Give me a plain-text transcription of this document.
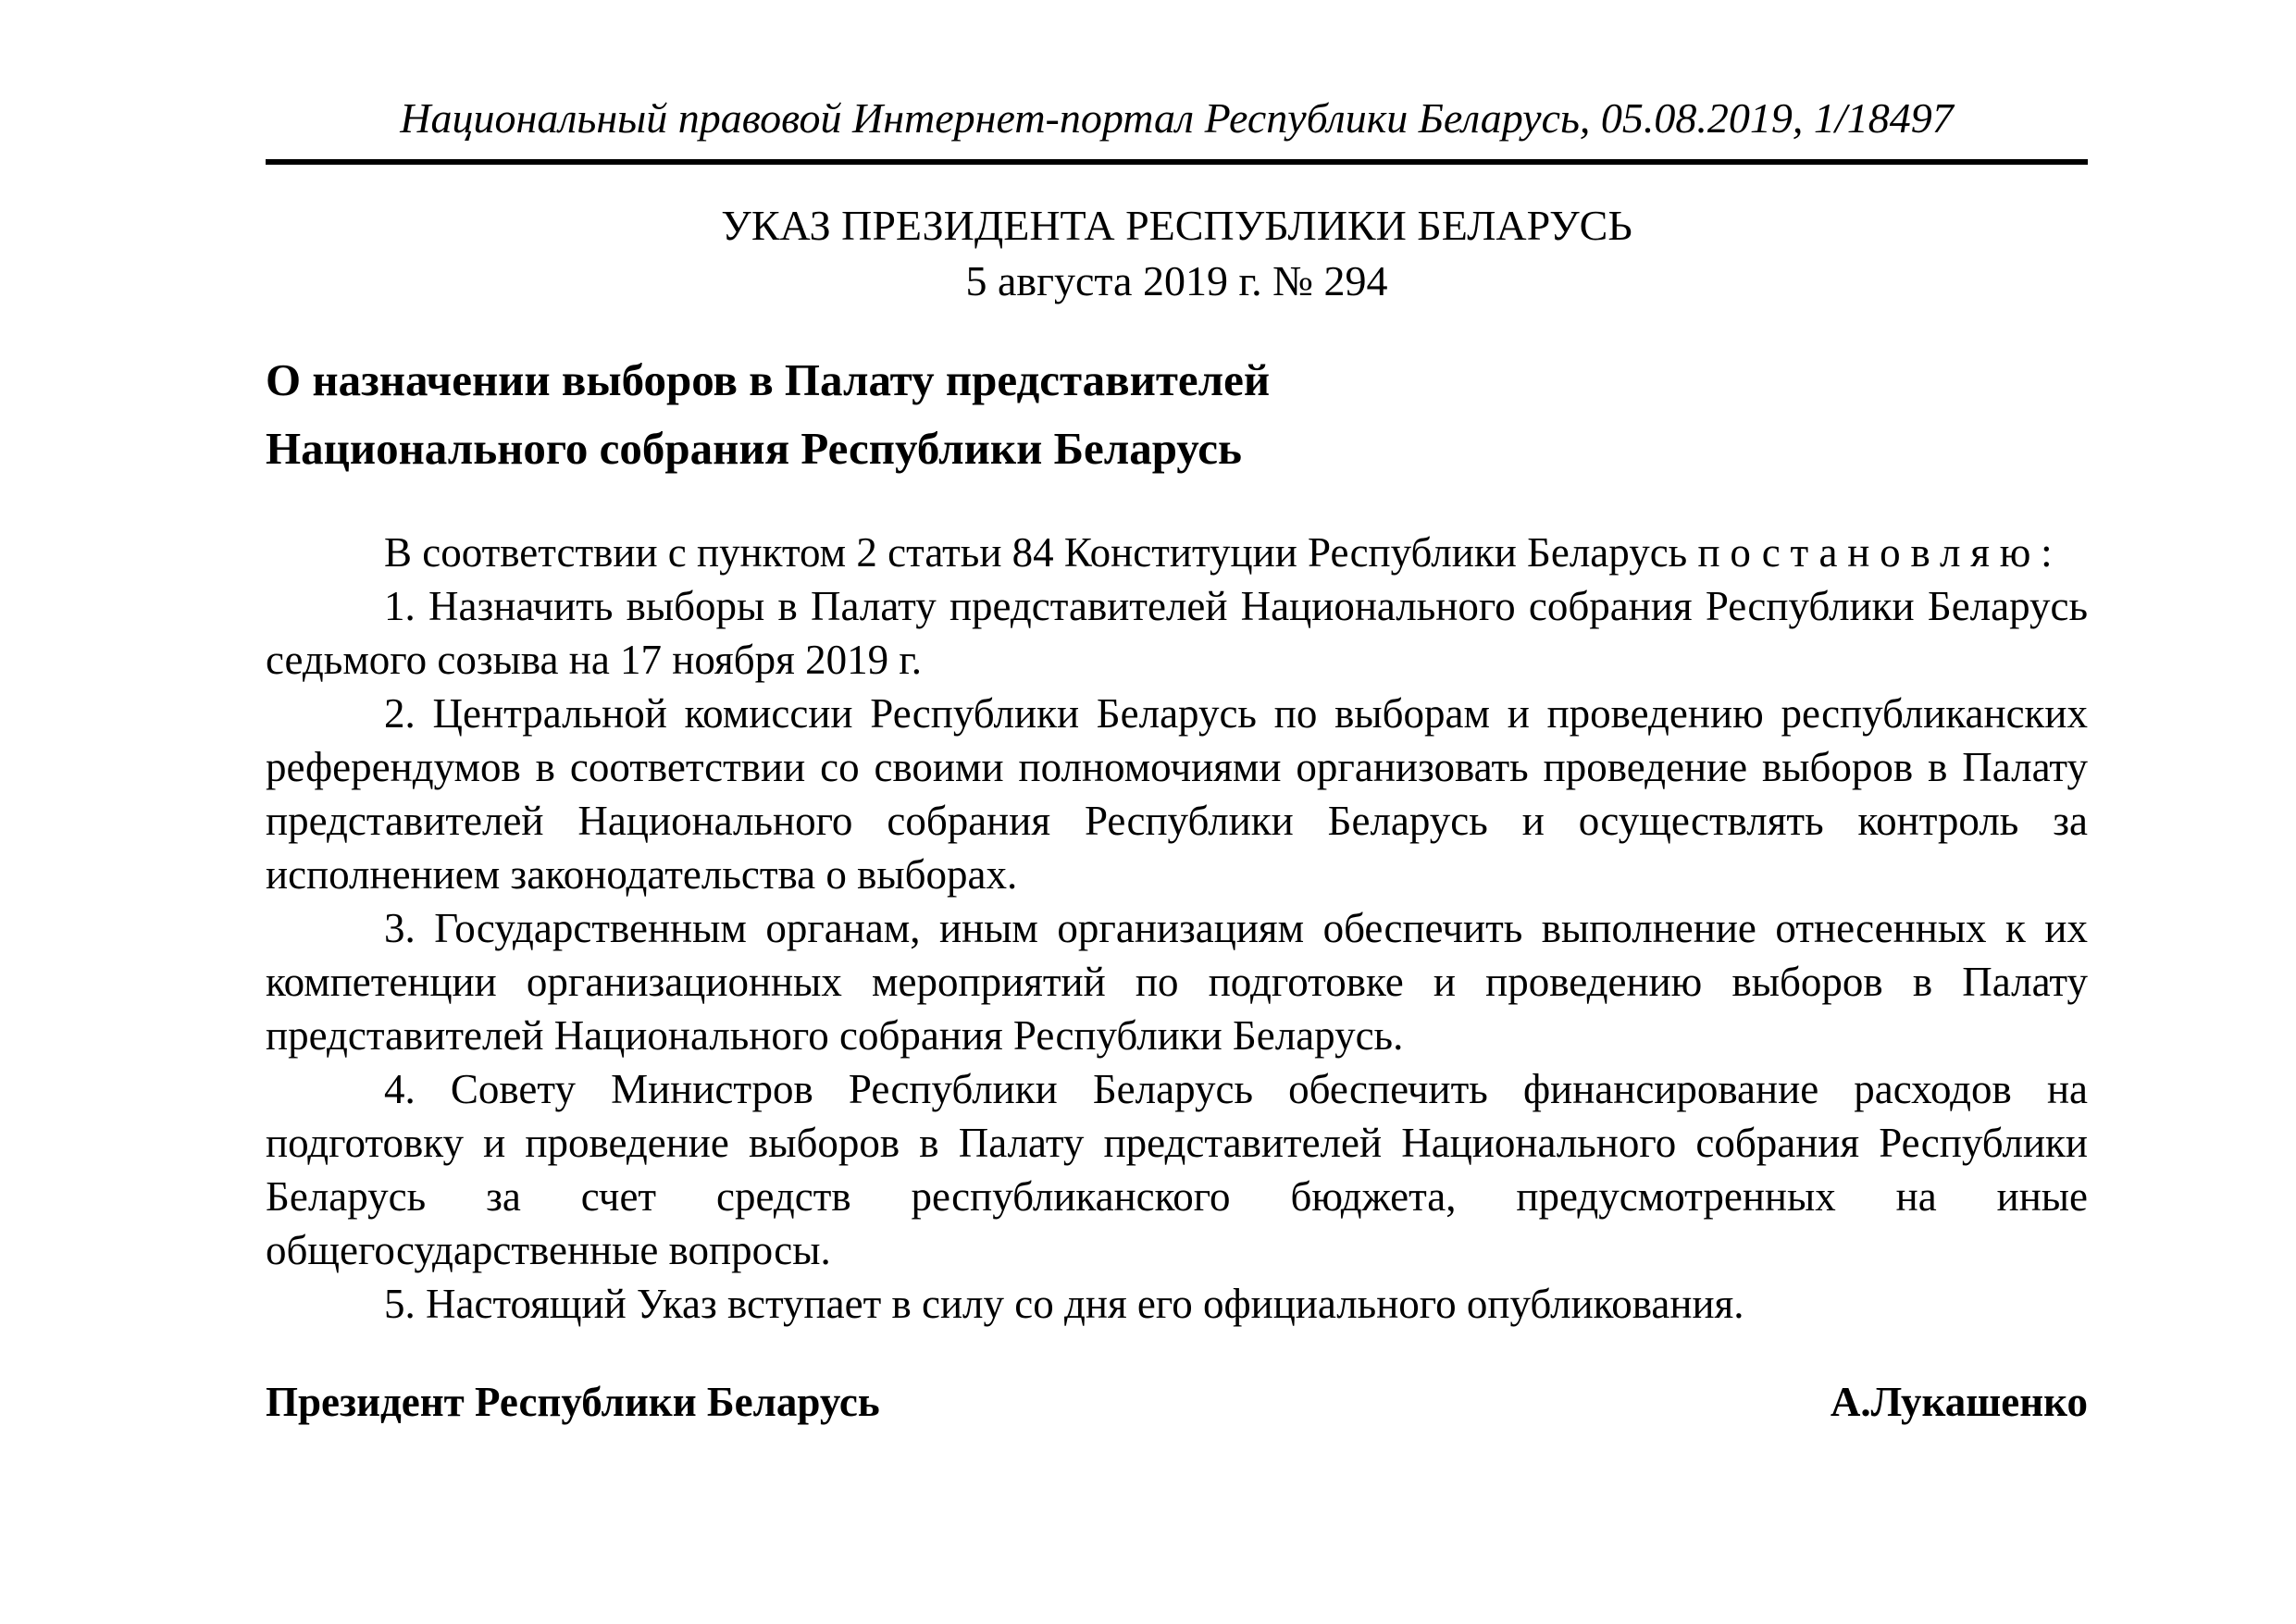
Национальный правовой Интернет-портал Республики Беларусь, 05.08.2019, 1/18497
УКАЗ ПРЕЗИДЕНТА РЕСПУБЛИКИ БЕЛАРУСЬ
5 августа 2019 г. № 294
О назначении выборов в Палату представителей
Национального собрания Республики Беларусь

В соответствии с пунктом 2 статьи 84 Конституции Республики Беларусь постановляю:

1. Назначить выборы в Палату представителей Национального собрания Республики Беларусь седьмого созыва на 17 ноября 2019 г.

2. Центральной комиссии Республики Беларусь по выборам и проведению республиканских референдумов в соответствии со своими полномочиями организовать проведение выборов в Палату представителей Национального собрания Республики Беларусь и осуществлять контроль за исполнением законодательства о выборах.

3. Государственным органам, иным организациям обеспечить выполнение отнесенных к их компетенции организационных мероприятий по подготовке и проведению выборов в Палату представителей Национального собрания Республики Беларусь.

4. Совету Министров Республики Беларусь обеспечить финансирование расходов на подготовку и проведение выборов в Палату представителей Национального собрания Республики Беларусь за счет средств республиканского бюджета, предусмотренных на иные общегосударственные вопросы.

5. Настоящий Указ вступает в силу со дня его официального опубликования.

Президент Республики Беларусь	А.Лукашенко
